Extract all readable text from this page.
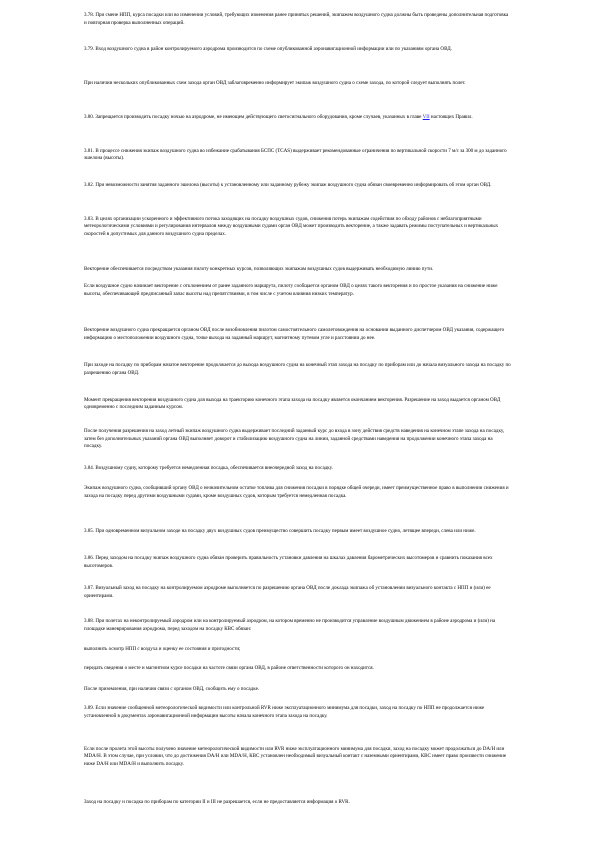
3.78. При смене НПП, курса посадки или во изменении условий, требующих изменения ранее принятых решений, экипажем воздушного судна должны быть проведены дополнительная подготовка и повторная проверка выполненных операций.

3.79. Вход воздушного судна в район контролируемого аэродрома производится по схеме опубликованной аэронавигационной информации или по указаниям органа ОВД.

При наличии нескольких опубликованных схем захода орган ОВД заблаговременно информирует экипаж воздушного судна о схеме захода, по которой следует выполнять полет.

3.80. Запрещается производить посадку ночью на аэродроме, не имеющем действующего светосигнального оборудования, кроме случаев, указанных в главе VII настоящих Правил.

3.81. В процессе снижения экипаж воздушного судна во избежание срабатывания БСПС (TCAS) выдерживает рекомендованные ограничения по вертикальной скорости 7 м/с за 300 м до заданного эшелона (высоты).

3.82. При невозможности занятия заданного эшелона (высоты) к установленному или заданному рубежу экипаж воздушного судна обязан своевременно информировать об этом орган ОВД.

3.83. В целях организации ускоренного и эффективного потока заходящих на посадку воздушных судов, снижения потерь экипажам содействия по обходу районов с неблагоприятными метеорологическими условиями и регулирования интервалов между воздушными судами орган ОВД может производить векторение, а также задавать режимы поступательных и вертикальных скоростей в допустимых для данного воздушного судна пределах.

Векторение обеспечивается посредством указания пилоту конкретных курсов, позволяющих экипажам воздушных судов выдерживать необходимую линию пути.

Если воздушное судно начинает векторение с отклонением от ранее заданного маршрута, пилоту сообщается органом ОВД о целях такого векторения и по простое указания на снижение ниже высоты, обеспечивающей предписанный запас высоты над препятствиями, в том числе с учетом влияния низких температур.

Векторение воздушного судна прекращается органом ОВД после возобновления пилотом самостоятельного самолетовождения на основании выданного диспетчером ОВД указания, содержащего информацию о местоположении воздушного судна, точке выхода на заданный маршрут, магнитному путевом угле и расстоянии до нее.

При заходе на посадку по приборам начатое векторение продолжается до выхода воздушного судна на конечный этап захода на посадку по приборам или до начала визуального захода на посадку по разрешению органа ОВД.

Момент прекращения векторения воздушного судна для выхода на траекторию конечного этапа захода на посадку является окончанием векторения. Разрешение на заход выдается органом ОВД одновременно с последним заданным курсом.

После получения разрешения на заход летный экипаж воздушного судна выдерживает последний заданный курс до входа в зону действия средств наведения на конечном этапе захода на посадку, затем без дополнительных указаний органа ОВД выполняет доворот и стабилизацию воздушного судна на линии, заданной средствами наведения на продолжении конечного этапа захода на посадку.

3.84. Воздушному судну, которому требуется немедленная посадка, обеспечивается внеочередной заход на посадку.

Экипаж воздушного судна, сообщивший органу ОВД о незначительном остатке топлива для снижения посадки в порядке общей очереди, имеет преимущественное право в выполнении снижения и захода на посадку перед другими воздушными судами, кроме воздушных судов, которым требуется немедленная посадка.

3.85. При одновременном визуальном заходе на посадку двух воздушных судов преимущество совершить посадку первым имеет воздушное судно, летящее впереди, слева или ниже.

3.86. Перед заходом на посадку экипаж воздушного судна обязан проверить правильность установки давления на шкалах давления барометрических высотомеров и сравнить показания всех высотомеров.

3.87. Визуальный заход на посадку на контролируемом аэродроме выполняется по разрешению органа ОВД после доклада экипажа об установлении визуального контакта с НПП и (или) ее ориентирами.

3.88. При полетах на неконтролируемый аэродром или на контролируемый аэродром, на котором временно не производится управление воздушным движением в районе аэродрома и (или) на площадке маневрирования аэродрома, перед заходом на посадку КВС обязан:

выполнить осмотр НПП с воздуха и оценку ее состояния и пригодности;

передать сведения о месте и магнитном курсе посадки на частоте связи органа ОВД, в районе ответственности которого он находится.

После приземления, при наличии связи с органом ОВД, сообщить ему о посадке.

3.89. Если значение сообщенной метеорологической видимости или контрольной RVR ниже эксплуатационного минимума для посадки, заход на посадку по НПП не продолжается ниже установленной в документах аэронавигационной информации высоты начала конечного этапа захода на посадку.

Если после пролета этой высоты получено значение метеорологической видимости или RVR ниже эксплуатационного минимума для посадки, заход на посадку может продолжаться до DA/H или MDA/H. В этом случае, при условии, что до достижения DA/H или MDA/H, КВС установлен необходимый визуальный контакт с наземными ориентирами, КВС имеет право произвести снижение ниже DA/H или MDA/H и выполнить посадку.

Заход на посадку и посадка по приборам по категории II и III не разрешается, если не предоставляется информация о RVR.
